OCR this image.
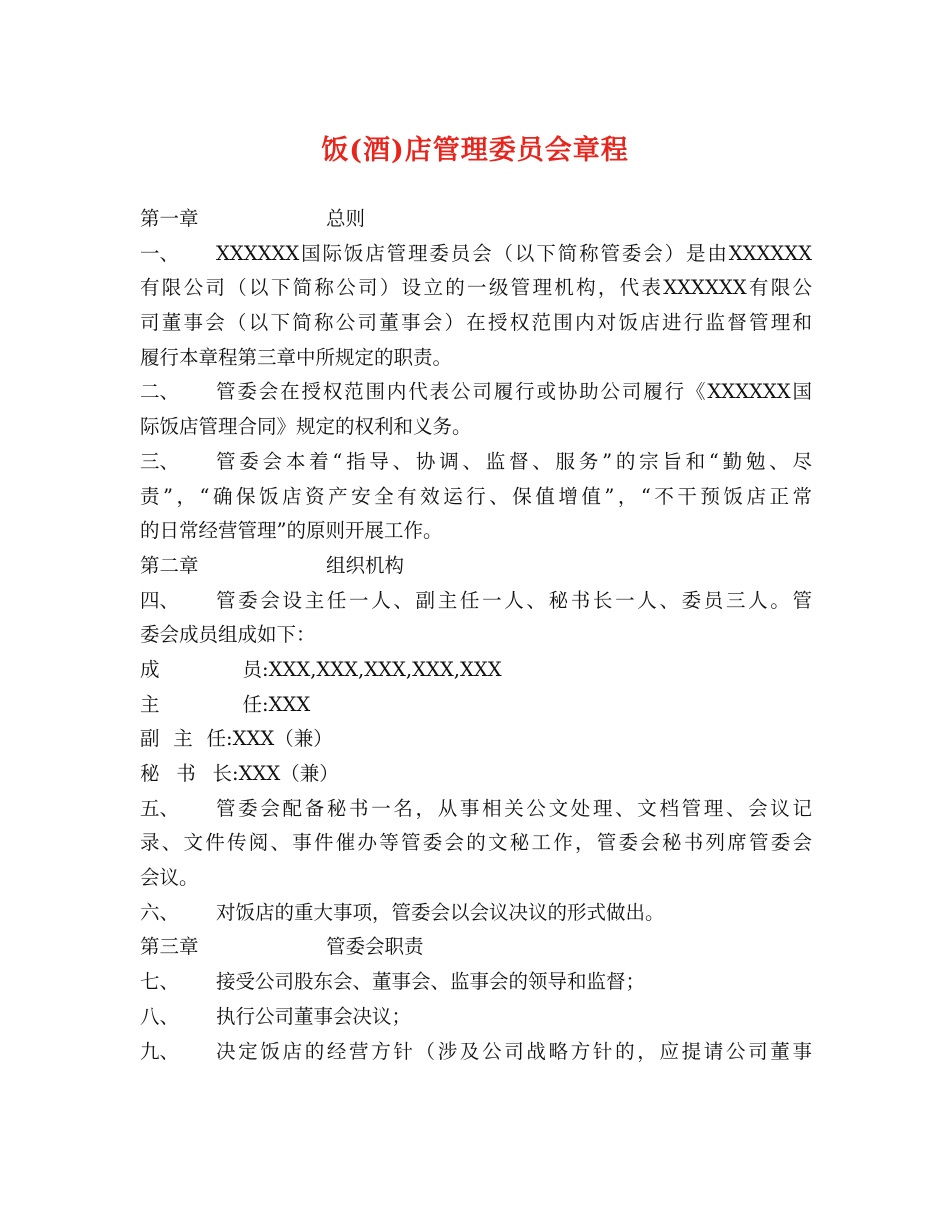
饭(酒)店管理委员会章程
第一章	总则
一、	XXXXXX国际饭店管理委员会（以下简称管委会）是由XXXXXX
有限公司（以下简称公司）设立的一级管理机构，代表XXXXXX有限公
司董事会（以下简称公司董事会）在授权范围内对饭店进行监督管理和
履行本章程第三章中所规定的职责。
二、	管委会在授权范围内代表公司履行或协助公司履行《XXXXXX国
际饭店管理合同》规定的权利和义务。
三、	管委会本着“指导、协调、监督、服务”的宗旨和“勤勉、尽
责”，“确保饭店资产安全有效运行、保值增值”，“不干预饭店正常
的日常经营管理”的原则开展工作。
第二章	组织机构
四、	管委会设主任一人、副主任一人、秘书长一人、委员三人。管
委会成员组成如下：
成	员 :XXX,XXX,XXX,XXX,XXX
主	任 :XXX
副 主 任 :XXX（兼）
秘 书 长 :XXX（兼）
五、	管委会配备秘书一名，从事相关公文处理、文档管理、会议记
录、文件传阅、事件催办等管委会的文秘工作，管委会秘书列席管委会
会议。
六、	对饭店的重大事项，管委会以会议决议的形式做出。
第三章	管委会职责
七、	接受公司股东会、董事会、监事会的领导和监督；
八、	执行公司董事会决议；
九、	决定饭店的经营方针（涉及公司战略方针的，应提请公司董事
